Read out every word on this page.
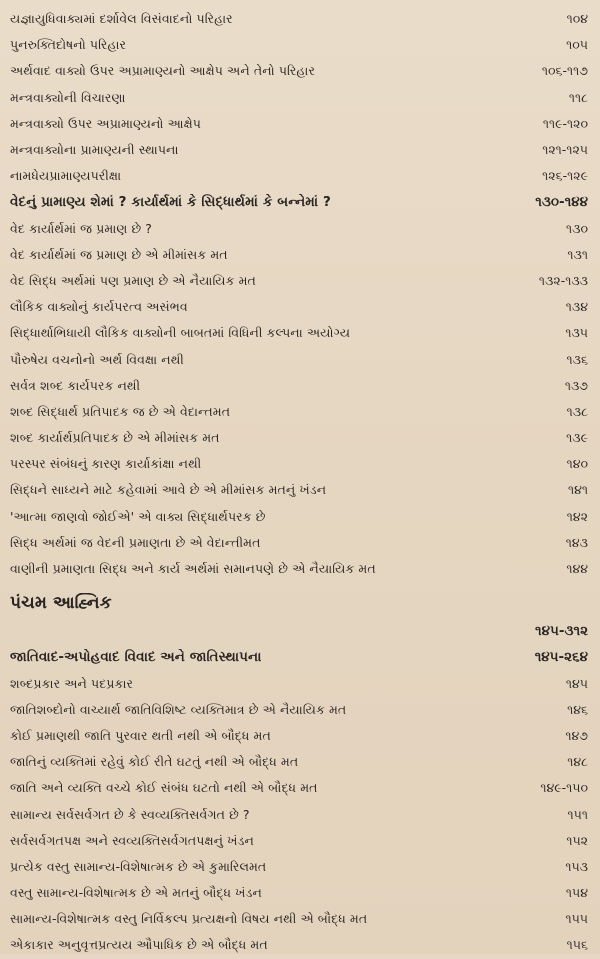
યજ્ઞાયુધિવાક્યમાં દર્શાવેલ વિસંવાદનો પરિહાર	૧૦૪
પુનરુક્તિદોષનો પરિહાર	૧૦૫
અર્થવાદ વાક્યો ઉપર અપ્રામાણ્યનો આક્ષેપ અને તેનો પરિહાર	૧૦૬-૧૧૭
મન્ત્રવાક્યોની વિચારણા	૧૧૮
મન્ત્રવાક્યો ઉપર અપ્રામાણ્યનો આક્ષેપ	૧૧૯-૧૨૦
મન્ત્રવાક્યોના પ્રામાણ્યની સ્થાપના	૧૨૧-૧૨૫
નામધેયપ્રામાણ્યપરીક્ષા	૧૨૬-૧૨૯
વેદનું પ્રામાણ્ય શેમાં ? કાર્યાર્થમાં કે સિદ્ધાર્થમાં કે બન્નેમાં ?	૧૩૦-૧૪૪
વેદ કાર્યાર્થમાં જ પ્રમાણ છે ?	૧૩૦
વેદ કાર્યાર્થમાં જ પ્રમાણ છે એ મીમાંસક મત	૧૩૧
વેદ સિદ્ધ અર્થમાં પણ પ્રમાણ છે એ નૈયાયિક મત	૧૩૨-૧૩૩
લૌકિક વાક્યોનું કાર્યપરત્વ અસંભવ	૧૩૪
સિદ્ધાર્થાભિધાયી લૌકિક વાક્યોની બાબતમાં વિધિની કલ્પના અયોગ્ય	૧૩૫
પૌરુષેય વચનોનો અર્થ વિવક્ષા નથી	૧૩૬
સર્વત્ર શબ્દ કાર્યપરક નથી	૧૩૭
શબ્દ સિદ્ધાર્થ પ્રતિપાદક જ છે એ વેદાન્તમત	૧૩૮
શબ્દ કાર્યાર્થપ્રતિપાદક છે એ મીમાંસક મત	૧૩૯
પરસ્પર સંબંધનું કારણ કાર્યાકાંક્ષા નથી	૧૪૦
સિદ્ધને સાધ્યને માટે કહેવામાં આવે છે એ મીમાંસક મતનું ખંડન	૧૪૧
'આત્મા જાણવો જોઈએ' એ વાક્ય સિદ્ધાર્થપરક છે	૧૪૨
સિદ્ધ અર્થમાં જ વેદની પ્રમાણતા છે એ વેદાન્તીમત	૧૪૩
વાણીની પ્રમાણતા સિદ્ધ અને કાર્ય અર્થમાં સમાનપણે છે એ નૈયાયિક મત	૧૪૪
પંચમ આહ્નિક
૧૪૫-૩૧૨
જાતિવાદ-અપોહવાદ વિવાદ અને જાતિસ્થાપના	૧૪૫-૨૬૪
શબ્દપ્રકાર અને પદપ્રકાર	૧૪૫
જાતિશબ્દોનો વાચ્યાર્થ જાતિવિશિષ્ટ વ્યક્તિમાત્ર છે એ નૈયાયિક મત	૧૪૬
કોઈ પ્રમાણથી જાતિ પુરવાર થતી નથી એ બૌદ્ધ મત	૧૪૭
જાતિનું વ્યક્તિમાં રહેવું કોઈ રીતે ઘટતું નથી એ બૌદ્ધ મત	૧૪૮
જાતિ અને વ્યક્તિ વચ્ચે કોઈ સંબંધ ઘટતો નથી એ બૌદ્ધ મત	૧૪૯-૧૫૦
સામાન્ય સર્વસર્વગત છે કે સ્વવ્યક્તિસર્વગત છે ?	૧૫૧
સર્વસર્વગતપક્ષ અને સ્વવ્યક્તિસર્વગતપક્ષનું ખંડન	૧૫૨
પ્રત્યેક વસ્તુ સામાન્ય-વિશેષાત્મક છે એ કુમારિલમત	૧૫૩
વસ્તુ સામાન્ય-વિશેષાત્મક છે એ મતનું બૌદ્ધ ખંડન	૧૫૪
સામાન્ય-વિશેષાત્મક વસ્તુ નિર્વિકલ્પ પ્રત્યક્ષનો વિષય નથી એ બૌદ્ધ મત	૧૫૫
એકાકાર અનુવૃત્તપ્રત્યય ઔપાધિક છે એ બૌદ્ધ મત	૧૫૬
